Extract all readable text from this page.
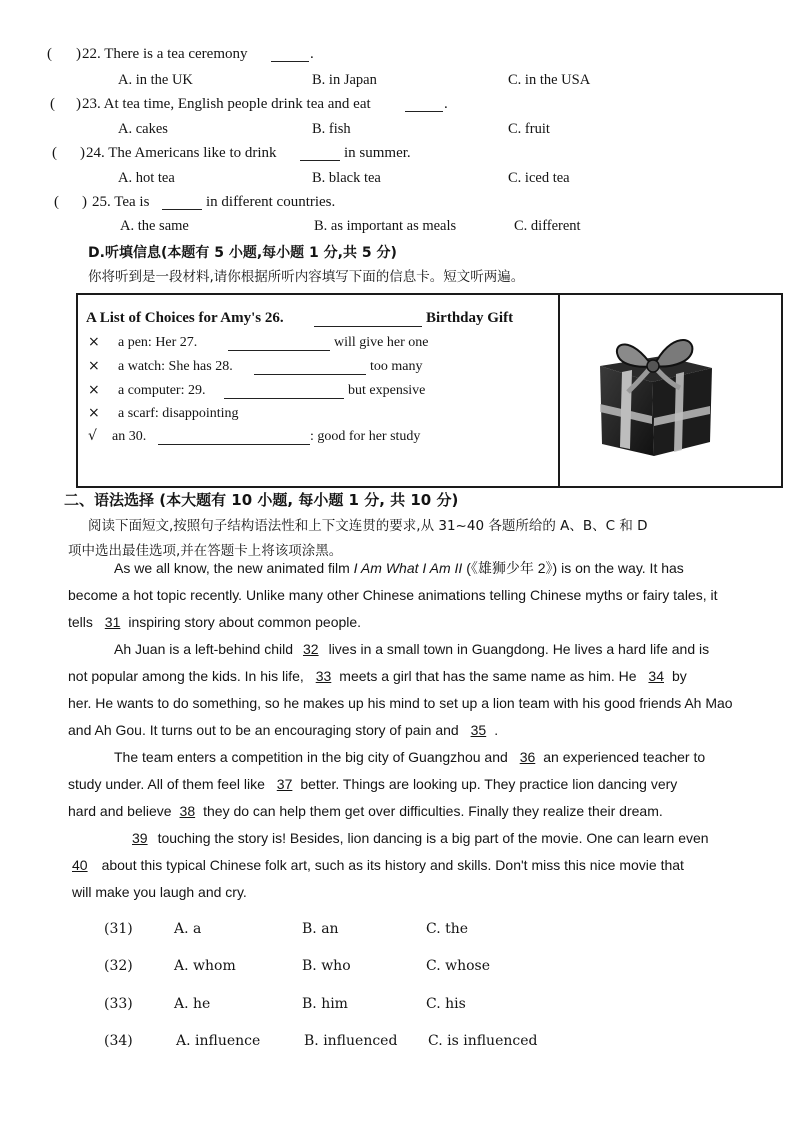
( ) 22. There is a tea ceremony	.
A. in the UK	B. in Japan	C. in the USA
( ) 23. At tea time, English people drink tea and eat	.
A. cakes	B. fish	C. fruit
( ) 24. The Americans like to drink	in summer.
A. hot tea	B. black tea	C. iced tea
( ) 25. Tea is	in different countries.
A. the same	B. as important as meals	C. different
D.听填信息(本题有 5 小题,每小题 1 分,共 5 分)
你将听到是一段材料,请你根据所听内容填写下面的信息卡。短文听两遍。
A List of Choices for Amy's 26.	Birthday Gift
×	a pen: Her 27.	will give her one
×	a watch: She has 28.	too many
×	a computer: 29.	but expensive
×	a scarf: disappointing
√	an 30.	: good for her study
二、语法选择 (本大题有 10 小题, 每小题 1 分, 共 10 分)
阅读下面短文,按照句子结构语法性和上下文连贯的要求,从 31~40 各题所给的 A、B、C 和 D
项中选出最佳选项,并在答题卡上将该项涂黑。
As we all know, the new animated film I Am What I Am II (《雄狮少年 2》) is on the way. It has
become a hot topic recently. Unlike many other Chinese animations telling Chinese myths or fairy tales, it
tells 31 inspiring story about common people.
Ah Juan is a left-behind child 32 lives in a small town in Guangdong. He lives a hard life and is
not popular among the kids. In his life, 33 meets a girl that has the same name as him. He 34 by
her. He wants to do something, so he makes up his mind to set up a lion team with his good friends Ah Mao
and Ah Gou. It turns out to be an encouraging story of pain and 35 .
The team enters a competition in the big city of Guangzhou and 36 an experienced teacher to
study under. All of them feel like 37 better. Things are looking up. They practice lion dancing very
hard and believe 38 they do can help them get over difficulties. Finally they realize their dream.
39 touching the story is! Besides, lion dancing is a big part of the movie. One can learn even
40 about this typical Chinese folk art, such as its history and skills. Don't miss this nice movie that
will make you laugh and cry.
(31)	A. a	B. an	C. the
(32)	A. whom	B. who	C. whose
(33)	A. he	B. him	C. his
(34)	A. influence	B. influenced C. is influenced
